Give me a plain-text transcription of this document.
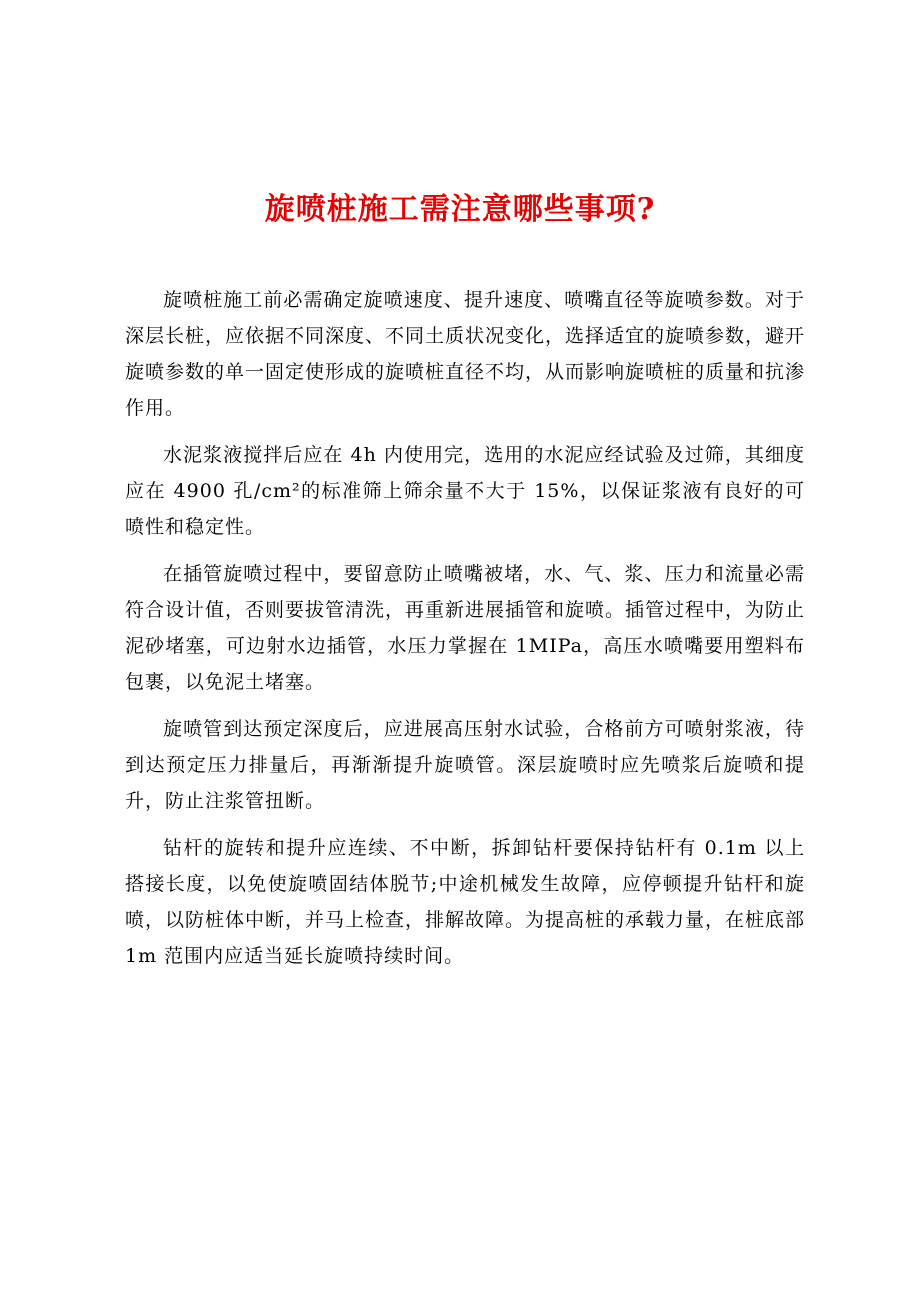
旋喷桩施工需注意哪些事项?

旋喷桩施工前必需确定旋喷速度、提升速度、喷嘴直径等旋喷参数。对于深层长桩，应依据不同深度、不同土质状况变化，选择适宜的旋喷参数，避开旋喷参数的单一固定使形成的旋喷桩直径不均，从而影响旋喷桩的质量和抗渗作用。

水泥浆液搅拌后应在 4h 内使用完，选用的水泥应经试验及过筛，其细度应在 4900 孔/cm²的标准筛上筛余量不大于 15%，以保证浆液有良好的可喷性和稳定性。

在插管旋喷过程中，要留意防止喷嘴被堵，水、气、浆、压力和流量必需符合设计值，否则要拔管清洗，再重新进展插管和旋喷。插管过程中，为防止泥砂堵塞，可边射水边插管，水压力掌握在 1MIPa，高压水喷嘴要用塑料布包裹，以免泥土堵塞。

旋喷管到达预定深度后，应进展高压射水试验，合格前方可喷射浆液，待到达预定压力排量后，再渐渐提升旋喷管。深层旋喷时应先喷浆后旋喷和提升，防止注浆管扭断。

钻杆的旋转和提升应连续、不中断，拆卸钻杆要保持钻杆有 0.1m 以上搭接长度，以免使旋喷固结体脱节;中途机械发生故障，应停顿提升钻杆和旋喷，以防桩体中断，并马上检查，排解故障。为提高桩的承载力量，在桩底部 1m 范围内应适当延长旋喷持续时间。
